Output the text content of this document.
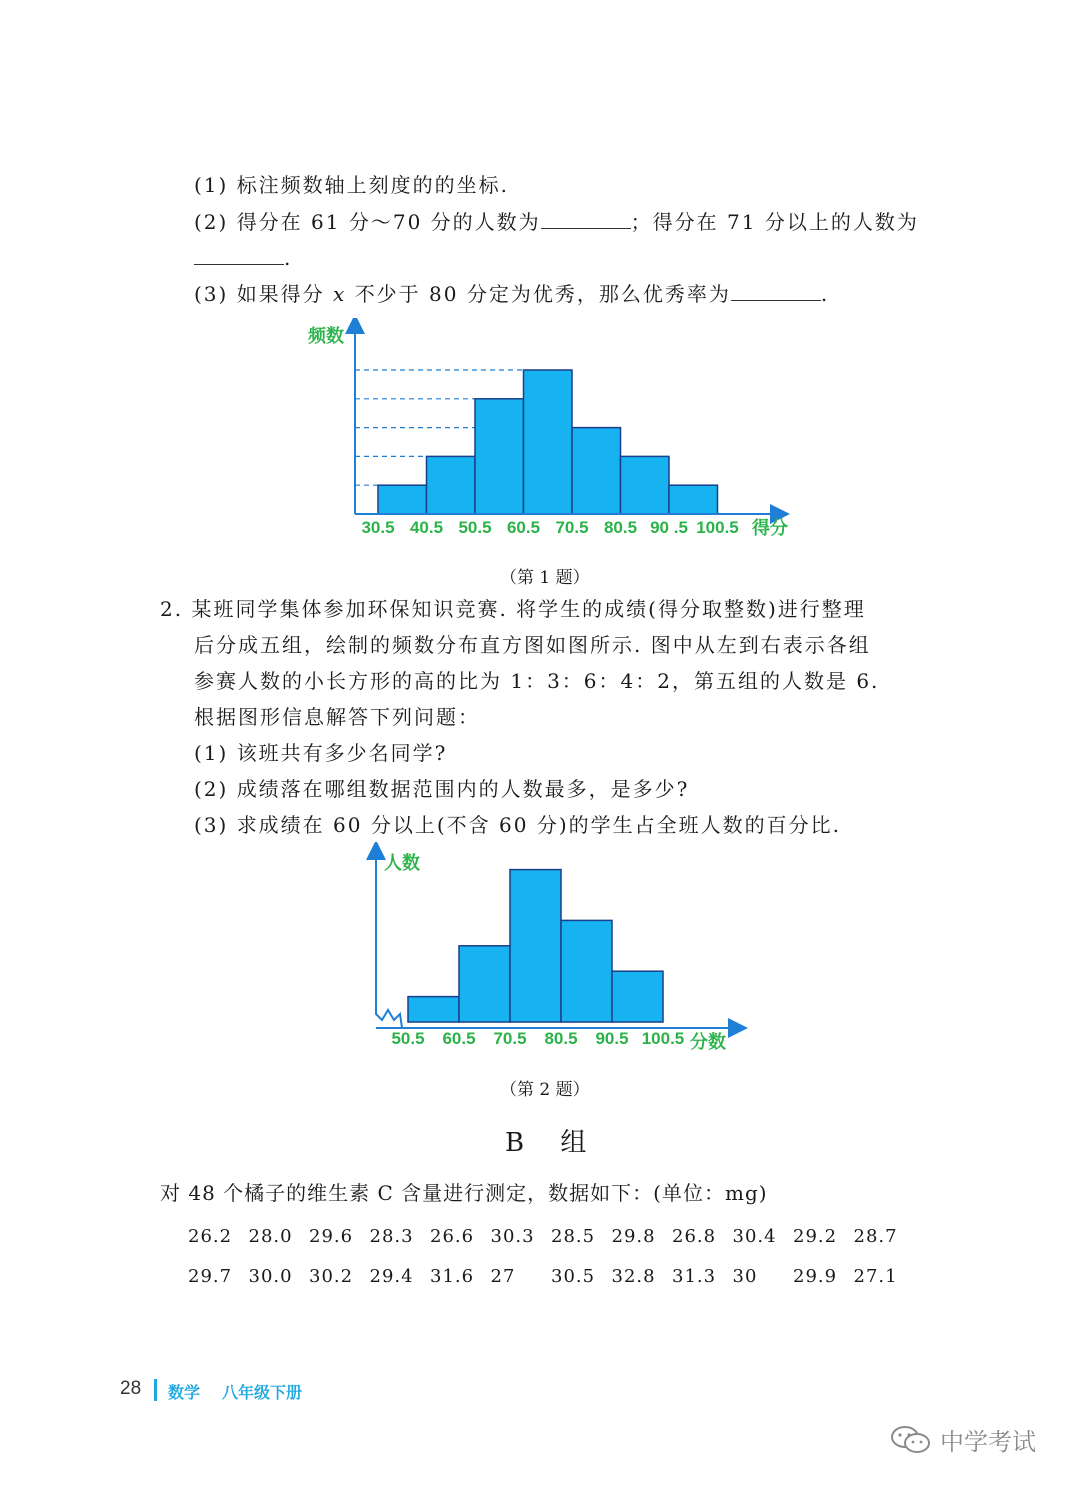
(1) 标注频数轴上刻度的的坐标.
(2) 得分在 61 分～70 分的人数为	；得分在 71 分以上的人数为
.
(3) 如果得分 x 不少于 80 分定为优秀，那么优秀率为	.
频数
得分
30.5 40.5 50.5 60.5 70.5 80.5 90 .5 100.5
（第 1 题）
2. 某班同学集体参加环保知识竞赛. 将学生的成绩(得分取整数)进行整理
后分成五组，绘制的频数分布直方图如图所示. 图中从左到右表示各组
参赛人数的小长方形的高的比为 1：3：6：4：2，第五组的人数是 6.
根据图形信息解答下列问题：
(1) 该班共有多少名同学?
(2) 成绩落在哪组数据范围内的人数最多，是多少?
(3) 求成绩在 60 分以上(不含 60 分)的学生占全班人数的百分比.
人数
分数
50.5 60.5 70.5 80.5 90.5 100.5
（第 2 题）
B 组
对 48 个橘子的维生素 C 含量进行测定，数据如下：(单位：mg)
26.2 28.0 29.6 28.3 26.6 30.3 28.5 29.8 26.8 30.4 29.2 28.7
29.7 30.0 30.2 29.4 31.6 27 30.5 32.8 31.3 30 29.9 27.1
28 数学 八年级下册
中学考试
